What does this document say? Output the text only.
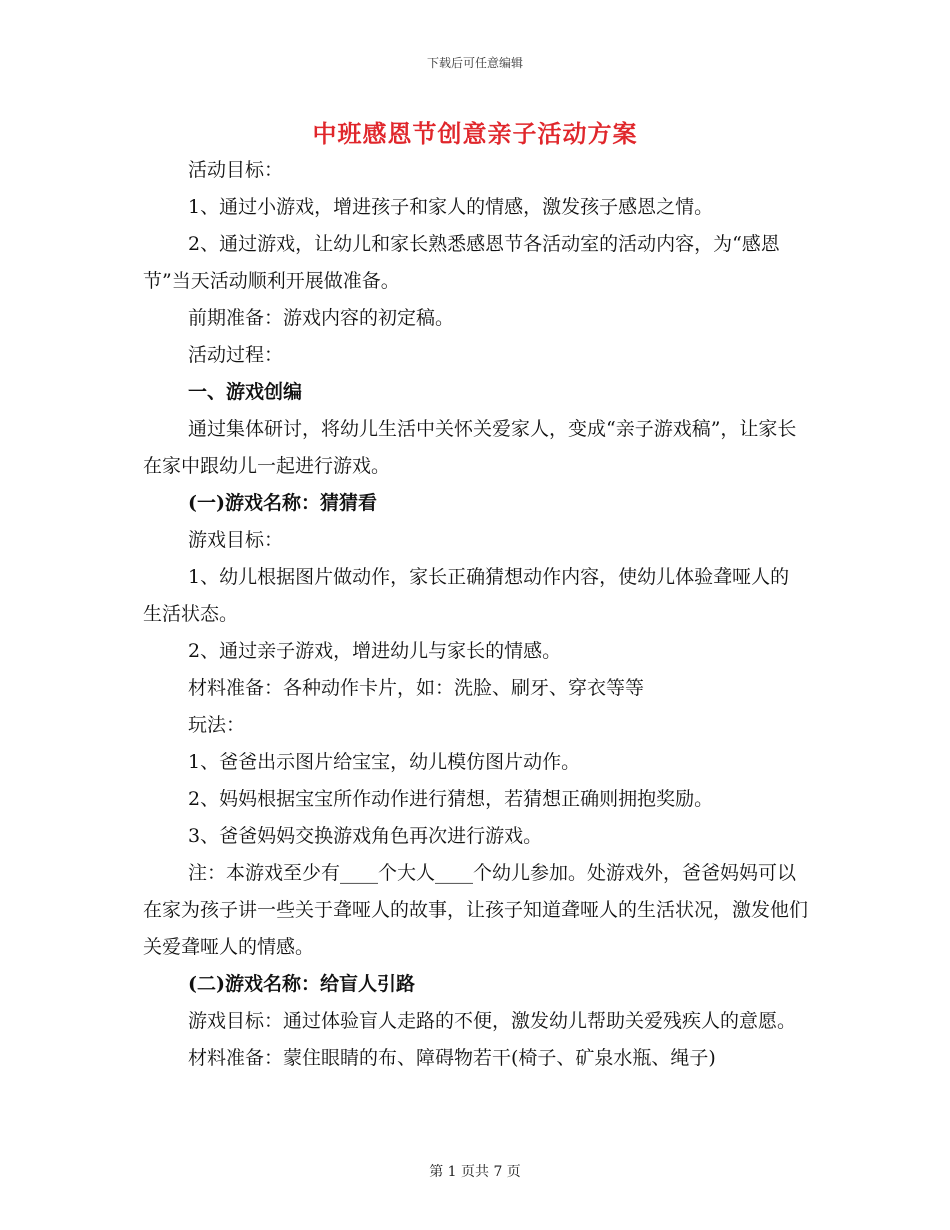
下载后可任意编辑
中班感恩节创意亲子活动方案

活动目标：

1、通过小游戏，增进孩子和家人的情感，激发孩子感恩之情。

2、通过游戏，让幼儿和家长熟悉感恩节各活动室的活动内容，为“感恩节”当天活动顺利开展做准备。

前期准备：游戏内容的初定稿。

活动过程：

一、游戏创编

通过集体研讨，将幼儿生活中关怀关爱家人，变成“亲子游戏稿”，让家长在家中跟幼儿一起进行游戏。

(一)游戏名称：猜猜看

游戏目标：

1、幼儿根据图片做动作，家长正确猜想动作内容，使幼儿体验聋哑人的生活状态。

2、通过亲子游戏，增进幼儿与家长的情感。

材料准备：各种动作卡片，如：洗脸、刷牙、穿衣等等

玩法：

1、爸爸出示图片给宝宝，幼儿模仿图片动作。

2、妈妈根据宝宝所作动作进行猜想，若猜想正确则拥抱奖励。

3、爸爸妈妈交换游戏角色再次进行游戏。

注：本游戏至少有____个大人____个幼儿参加。处游戏外，爸爸妈妈可以在家为孩子讲一些关于聋哑人的故事，让孩子知道聋哑人的生活状况，激发他们关爱聋哑人的情感。

(二)游戏名称：给盲人引路

游戏目标：通过体验盲人走路的不便，激发幼儿帮助关爱残疾人的意愿。

材料准备：蒙住眼睛的布、障碍物若干(椅子、矿泉水瓶、绳子)

第 1 页共 7 页
